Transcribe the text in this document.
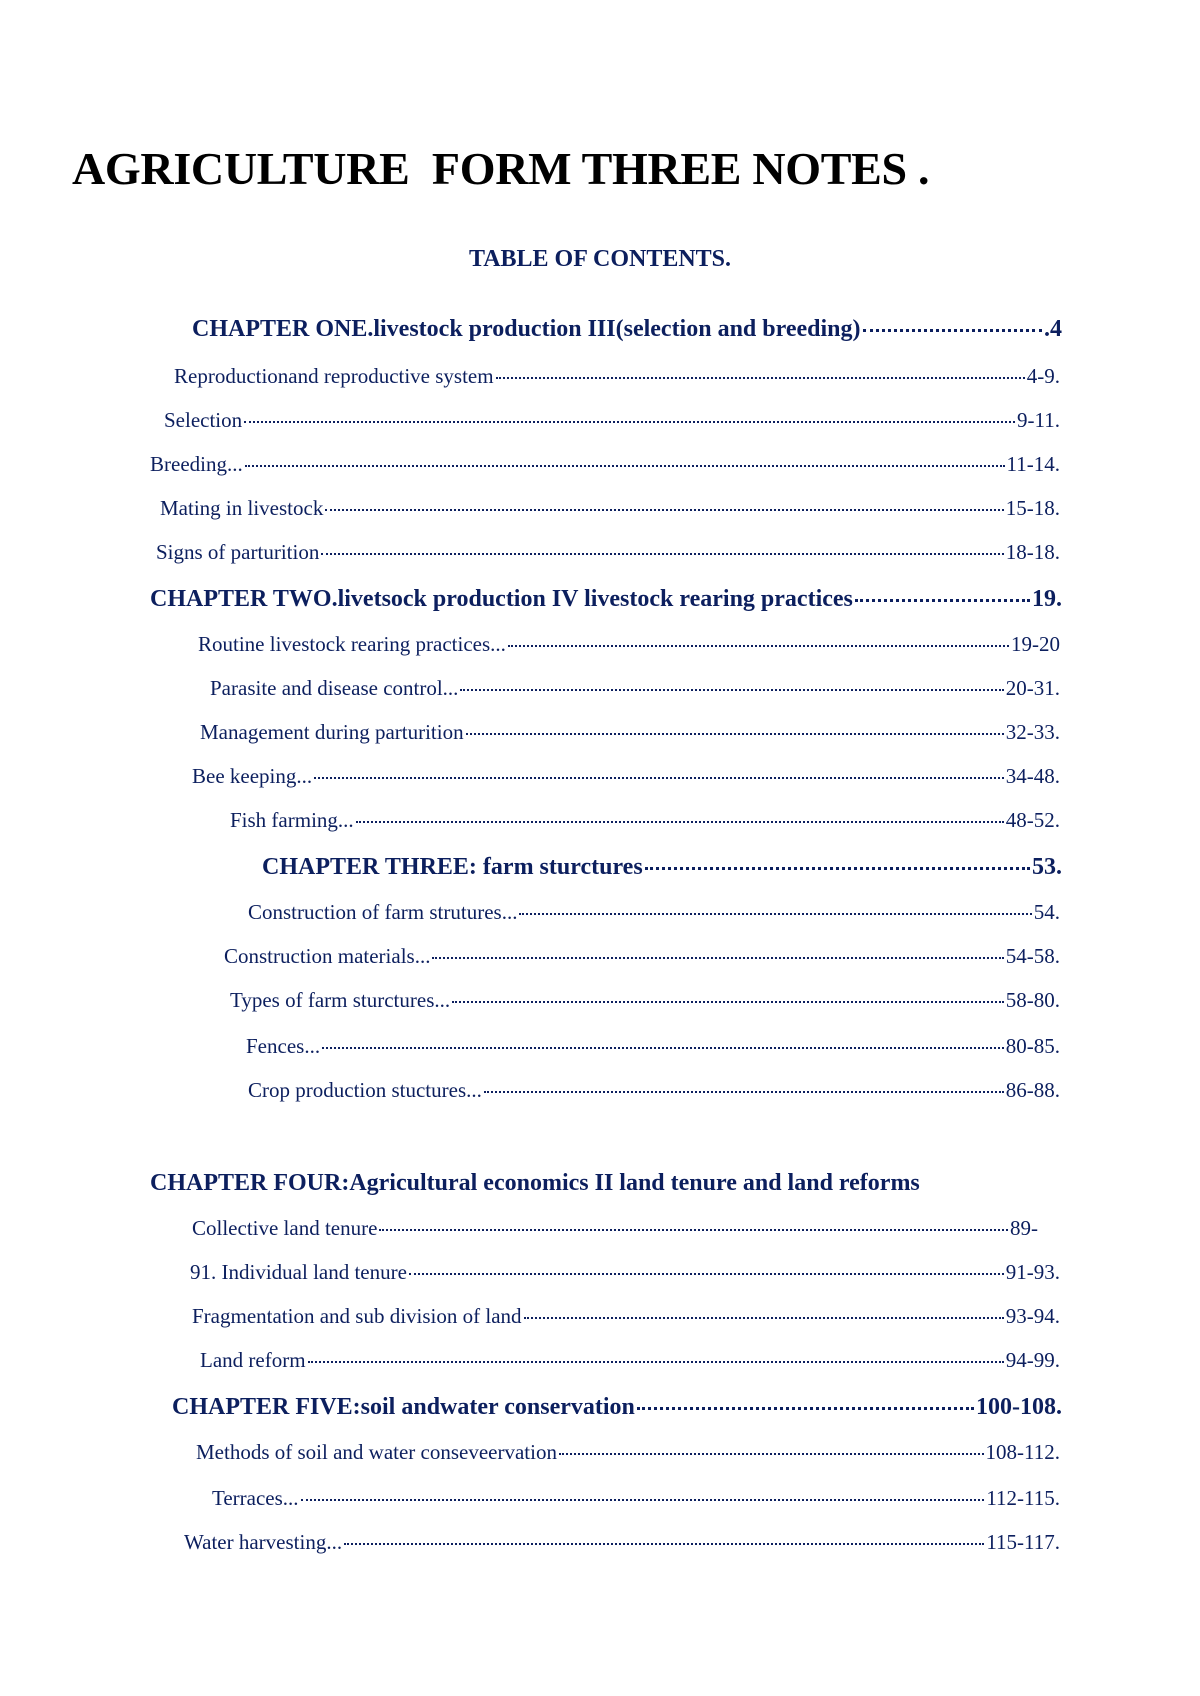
AGRICULTURE  FORM THREE NOTES .
TABLE OF CONTENTS.
CHAPTER ONE.livestock production III(selection and breeding)	.4
Reproductionand reproductive system	4-9.
Selection	9-11.
Breeding...	11-14.
Mating in livestock	15-18.
Signs of parturition	18-18.
CHAPTER TWO.livetsock production IV livestock rearing practices	19.
Routine livestock rearing practices...	19-20
Parasite and disease control...	20-31.
Management during parturition	32-33.
Bee keeping...	34-48.
Fish farming...	48-52.
CHAPTER THREE: farm sturctures	53.
Construction of farm strutures...	54.
Construction materials...	54-58.
Types of farm sturctures...	58-80.
Fences...	80-85.
Crop production stuctures...	86-88.
CHAPTER FOUR:Agricultural economics II land tenure and land reforms
Collective land tenure	89-
91. Individual land tenure	91-93.
Fragmentation and sub division of land	93-94.
Land reform	94-99.
CHAPTER FIVE:soil andwater conservation	100-108.
Methods of soil and water conseveervation	108-112.
Terraces...	112-115.
Water harvesting...	115-117.
